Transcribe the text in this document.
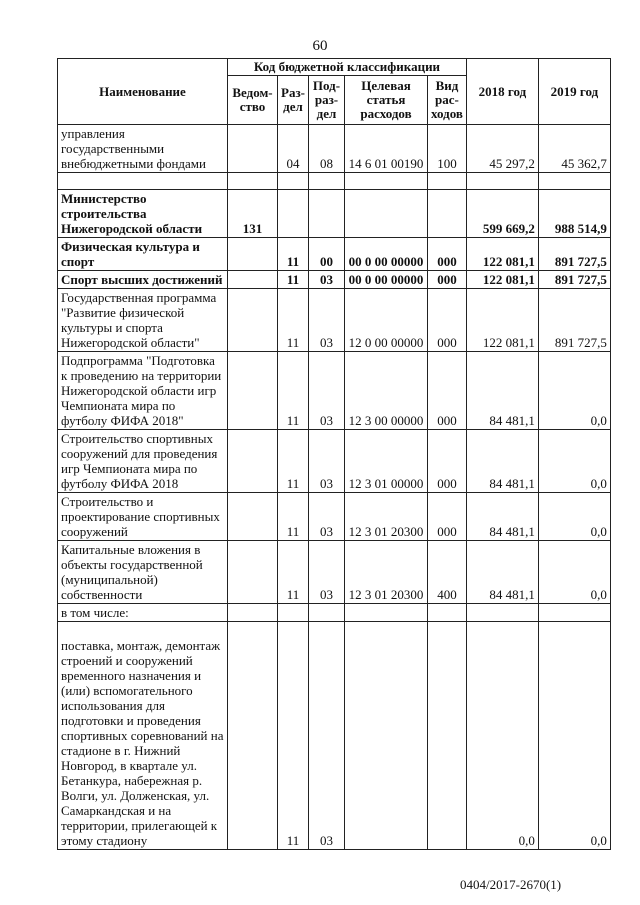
60
Наименование	Код бюджетной классификации					2018 год	2019 год
	Ведом-ство	Раз-дел	Под-раз-дел	Целевая статья расходов	Вид рас-ходов		
управления государственными внебюджетными фондами		04	08	14 6 01 00190	100	45 297,2	45 362,7

Министерство строительства Нижегородской области	131					599 669,2	988 514,9
Физическая культура и спорт		11	00	00 0 00 00000	000	122 081,1	891 727,5
Спорт высших достижений		11	03	00 0 00 00000	000	122 081,1	891 727,5
Государственная программа "Развитие физической культуры и спорта Нижегородской области"		11	03	12 0 00 00000	000	122 081,1	891 727,5
Подпрограмма "Подготовка к проведению на территории Нижегородской области игр Чемпионата мира по футболу ФИФА 2018"		11	03	12 3 00 00000	000	84 481,1	0,0
Строительство спортивных сооружений для проведения игр Чемпионата мира по футболу ФИФА 2018		11	03	12 3 01 00000	000	84 481,1	0,0
Строительство и проектирование спортивных сооружений		11	03	12 3 01 20300	000	84 481,1	0,0
Капитальные вложения в объекты государственной (муниципальной) собственности		11	03	12 3 01 20300	400	84 481,1	0,0
в том числе:							
поставка, монтаж, демонтаж строений и сооружений временного назначения и (или) вспомогательного использования для подготовки и проведения спортивных соревнований на стадионе в г. Нижний Новгород, в квартале ул. Бетанкура, набережная р. Волги, ул. Долженская, ул. Самаркандская и на территории, прилегающей к этому стадиону		11	03			0,0	0,0
0404/2017-2670(1)
